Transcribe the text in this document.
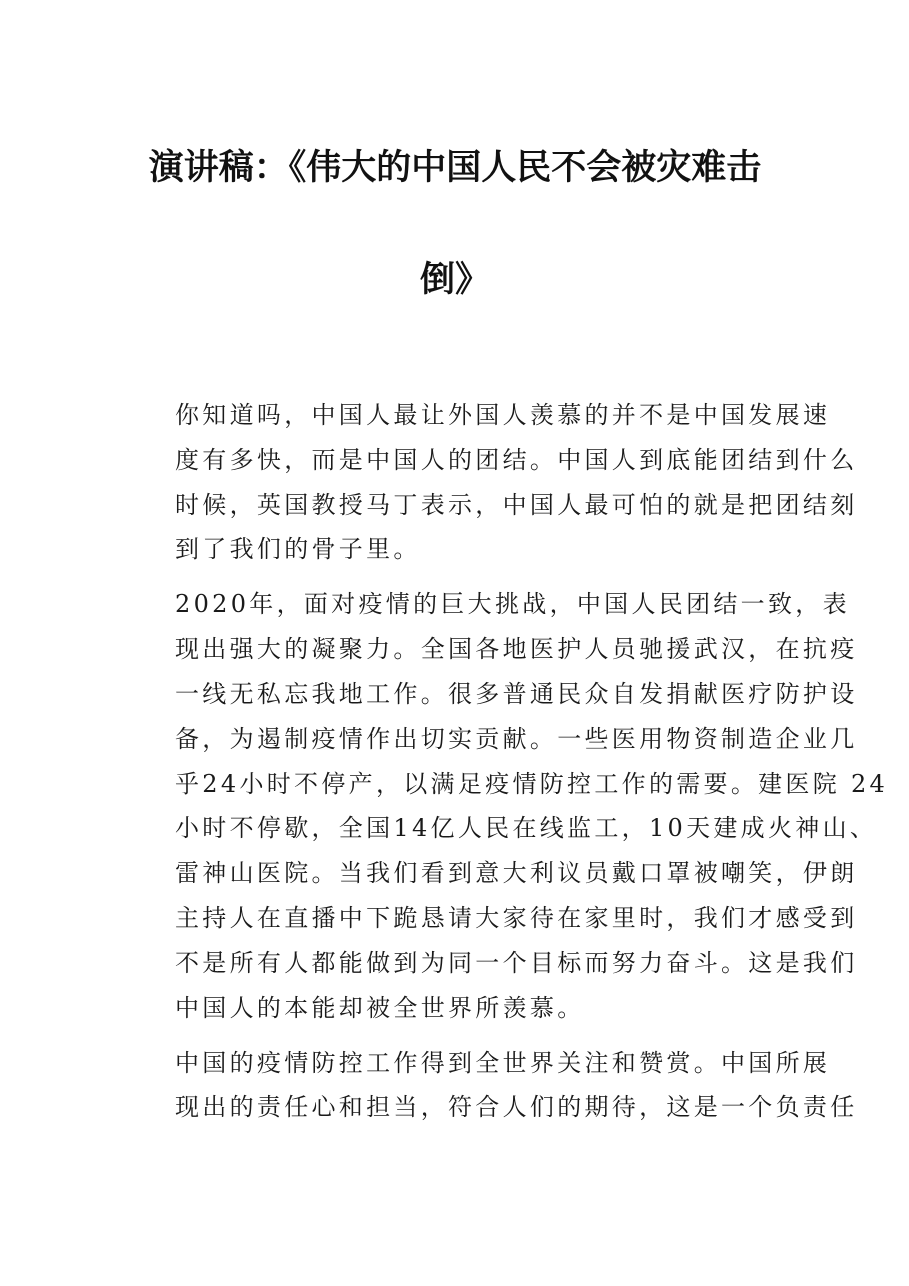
演讲稿：《伟大的中国人民不会被灾难击
倒》

你知道吗，中国人最让外国人羡慕的并不是中国发展速
度有多快，而是中国人的团结。中国人到底能团结到什么
时候，英国教授马丁表示，中国人最可怕的就是把团结刻
到了我们的骨子里。

2020年，面对疫情的巨大挑战，中国人民团结一致，表
现出强大的凝聚力。全国各地医护人员驰援武汉，在抗疫
一线无私忘我地工作。很多普通民众自发捐献医疗防护设
备，为遏制疫情作出切实贡献。一些医用物资制造企业几
乎24小时不停产，以满足疫情防控工作的需要。建医院 24
小时不停歇，全国14亿人民在线监工，10天建成火神山、
雷神山医院。当我们看到意大利议员戴口罩被嘲笑，伊朗
主持人在直播中下跪恳请大家待在家里时，我们才感受到
不是所有人都能做到为同一个目标而努力奋斗。这是我们
中国人的本能却被全世界所羡慕。

中国的疫情防控工作得到全世界关注和赞赏。中国所展
现出的责任心和担当，符合人们的期待，这是一个负责任
